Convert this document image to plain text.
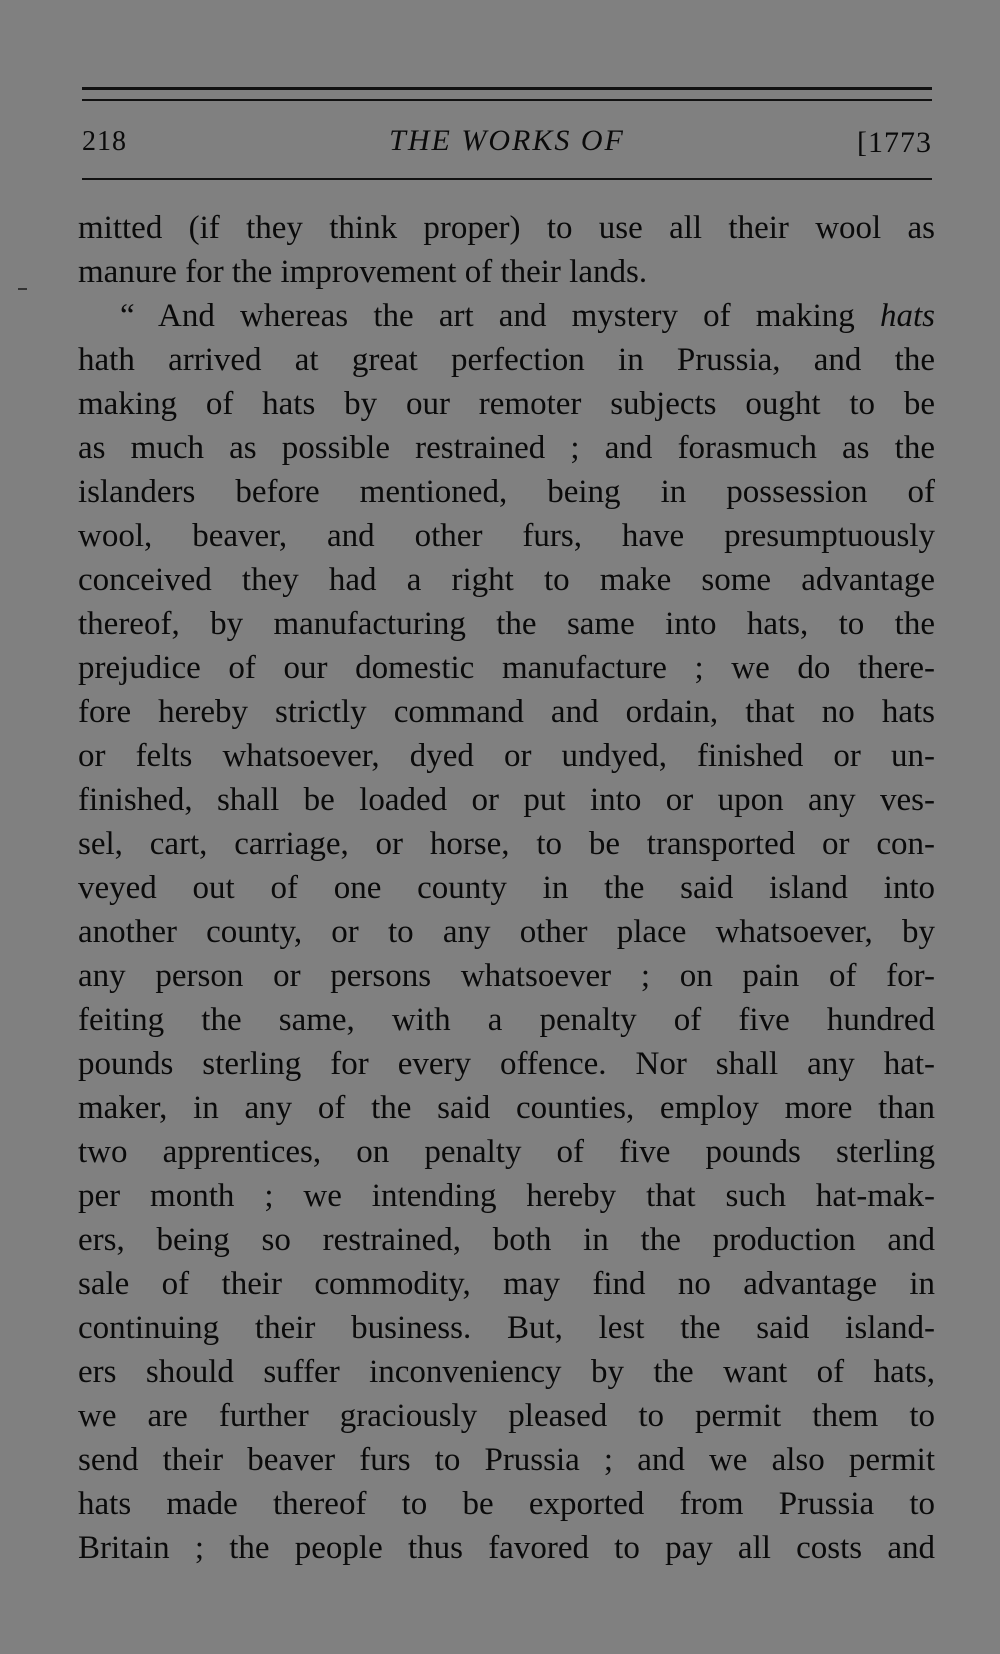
218	THE WORKS OF	[1773
mitted (if they think proper) to use all their wool as
manure for the improvement of their lands.
“ And whereas the art and mystery of making hats
hath arrived at great perfection in Prussia, and the
making of hats by our remoter subjects ought to be
as much as possible restrained ; and forasmuch as the
islanders before mentioned, being in possession of
wool, beaver, and other furs, have presumptuously
conceived they had a right to make some advantage
thereof, by manufacturing the same into hats, to the
prejudice of our domestic manufacture ; we do there-
fore hereby strictly command and ordain, that no hats
or felts whatsoever, dyed or undyed, finished or un-
finished, shall be loaded or put into or upon any ves-
sel, cart, carriage, or horse, to be transported or con-
veyed out of one county in the said island into
another county, or to any other place whatsoever, by
any person or persons whatsoever ; on pain of for-
feiting the same, with a penalty of five hundred
pounds sterling for every offence. Nor shall any hat-
maker, in any of the said counties, employ more than
two apprentices, on penalty of five pounds sterling
per month ; we intending hereby that such hat-mak-
ers, being so restrained, both in the production and
sale of their commodity, may find no advantage in
continuing their business. But, lest the said island-
ers should suffer inconveniency by the want of hats,
we are further graciously pleased to permit them to
send their beaver furs to Prussia ; and we also permit
hats made thereof to be exported from Prussia to
Britain ; the people thus favored to pay all costs and
